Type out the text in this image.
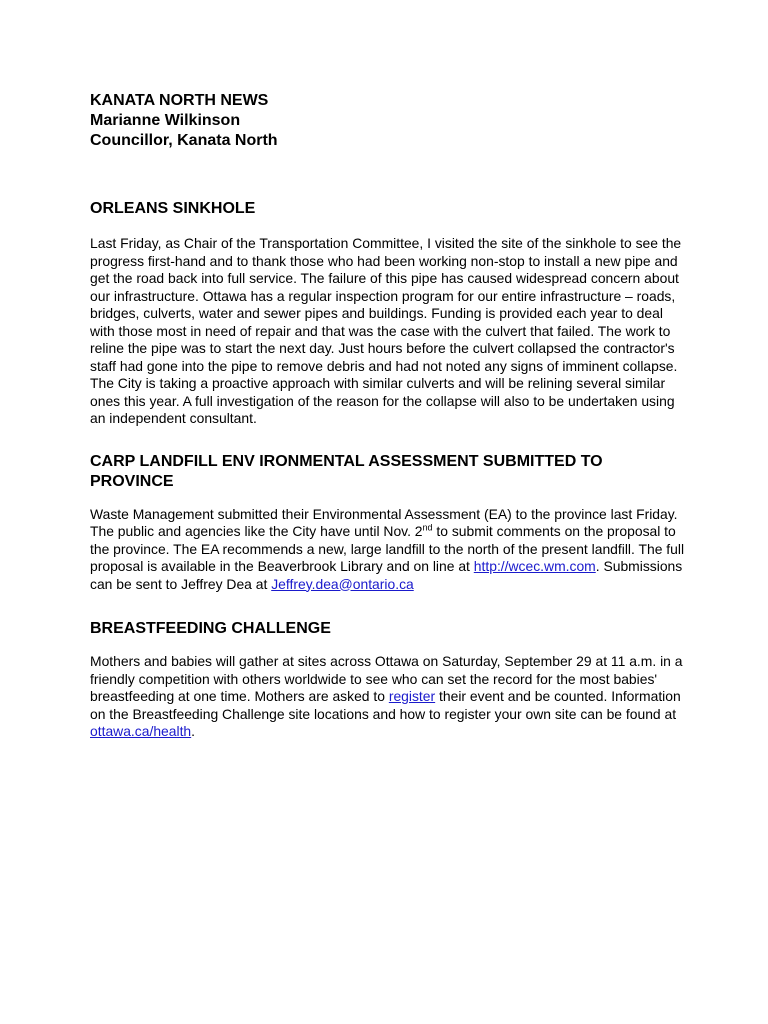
KANATA NORTH NEWS
Marianne Wilkinson
Councillor, Kanata North
ORLEANS SINKHOLE

Last Friday, as Chair of the Transportation Committee, I visited the site of the sinkhole to see the progress first-hand and to thank those who had been working non-stop to install a new pipe and get the road back into full service. The failure of this pipe has caused widespread concern about our infrastructure. Ottawa has a regular inspection program for our entire infrastructure – roads, bridges, culverts, water and sewer pipes and buildings. Funding is provided each year to deal with those most in need of repair and that was the case with the culvert that failed. The work to reline the pipe was to start the next day. Just hours before the culvert collapsed the contractor's staff had gone into the pipe to remove debris and had not noted any signs of imminent collapse. The City is taking a proactive approach with similar culverts and will be relining several similar ones this year. A full investigation of the reason for the collapse will also to be undertaken using an independent consultant.

CARP LANDFILL ENV IRONMENTAL ASSESSMENT SUBMITTED TO PROVINCE

Waste Management submitted their Environmental Assessment (EA) to the province last Friday. The public and agencies like the City have until Nov. 2nd to submit comments on the proposal to the province. The EA recommends a new, large landfill to the north of the present landfill. The full proposal is available in the Beaverbrook Library and on line at http://wcec.wm.com. Submissions can be sent to Jeffrey Dea at Jeffrey.dea@ontario.ca

BREASTFEEDING CHALLENGE

Mothers and babies will gather at sites across Ottawa on Saturday, September 29 at 11 a.m. in a friendly competition with others worldwide to see who can set the record for the most babies' breastfeeding at one time. Mothers are asked to register their event and be counted. Information on the Breastfeeding Challenge site locations and how to register your own site can be found at ottawa.ca/health.
